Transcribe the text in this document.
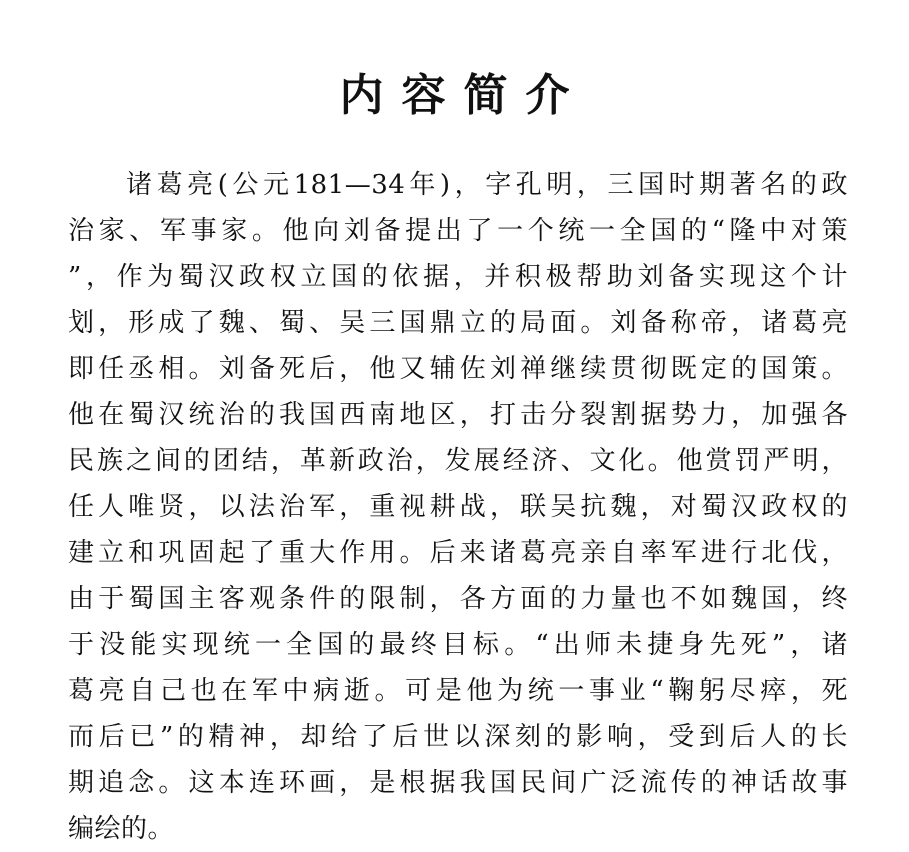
内容简介
诸葛亮(公元181—34年)，字孔明，三国时期著名的政
治家、军事家。他向刘备提出了一个统一全国的“隆中对策
”，作为蜀汉政权立国的依据，并积极帮助刘备实现这个计
划，形成了魏、蜀、吴三国鼎立的局面。刘备称帝，诸葛亮
即任丞相。刘备死后，他又辅佐刘禅继续贯彻既定的国策。
他在蜀汉统治的我国西南地区，打击分裂割据势力，加强各
民族之间的团结，革新政治，发展经济、文化。他赏罚严明，
任人唯贤，以法治军，重视耕战，联吴抗魏，对蜀汉政权的
建立和巩固起了重大作用。后来诸葛亮亲自率军进行北伐，
由于蜀国主客观条件的限制，各方面的力量也不如魏国，终
于没能实现统一全国的最终目标。“出师未捷身先死”，诸
葛亮自己也在军中病逝。可是他为统一事业“鞠躬尽瘁，死
而后已”的精神，却给了后世以深刻的影响，受到后人的长
期追念。这本连环画，是根据我国民间广泛流传的神话故事
编绘的。
